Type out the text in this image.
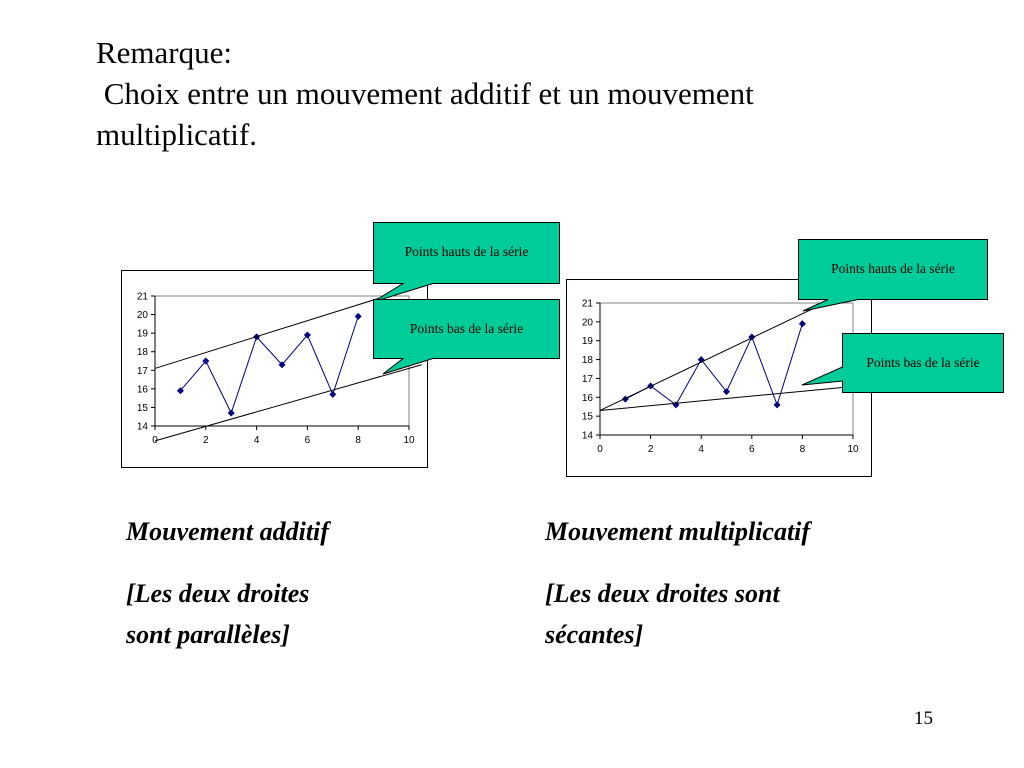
Remarque:
Choix entre un mouvement additif et un mouvement
multiplicatif.
14
15
16
17
18
19
20
21
0	2	4	6	8	10	14
15
16
17
18
19
20
21
0	2	4	6	8	10
Points hauts de la série
Points bas de la série
Points hauts de la série
Points bas de la série
Mouvement additif
[Les deux droites
sont parallèles]
Mouvement multiplicatif
[Les deux droites sont
sécantes]
15
